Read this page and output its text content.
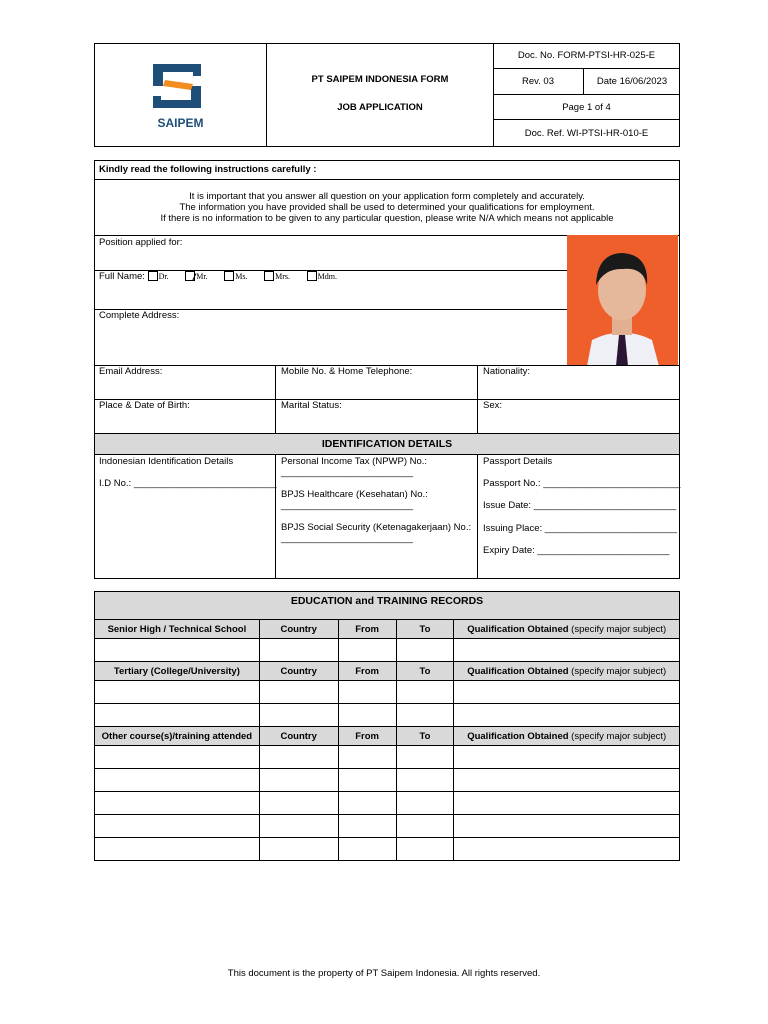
SAIPEM
PT SAIPEM INDONESIA FORM
JOB APPLICATION
Doc. No. FORM-PTSI-HR-025-E
Rev. 03	Date 16/06/2023
Page 1 of 4
Doc. Ref. WI-PTSI-HR-010-E
Kindly read the following instructions carefully :
It is important that you answer all question on your application form completely and accurately.
The information you have provided shall be used to determined your qualifications for employment.
If there is no information to be given to any particular question, please write N/A which means not applicable
Position applied for:
Full Name: Dr.	Mr.	Ms.	Mrs.	Mdm.
Complete Address:
Email Address:	Mobile No. & Home Telephone:	Nationality:
Place & Date of Birth:	Marital Status:	Sex:
IDENTIFICATION DETAILS
Indonesian Identification Details
I.D No.: ___________________________
Personal Income Tax (NPWP) No.:
_________________________
BPJS Healthcare (Kesehatan) No.:
_________________________
BPJS Social Security (Ketenagakerjaan) No.:
_________________________
Passport Details
Passport No.: __________________________
Issue Date: ___________________________
Issuing Place: _________________________
Expiry Date: _________________________
EDUCATION and TRAINING RECORDS
Senior High / Technical School	Country	From	To	Qualification Obtained (specify major subject)

Tertiary (College/University)	Country	From	To	Qualification Obtained (specify major subject)

Other course(s)/training attended	Country	From	To	Qualification Obtained (specify major subject)

This document is the property of PT Saipem Indonesia. All rights reserved.
